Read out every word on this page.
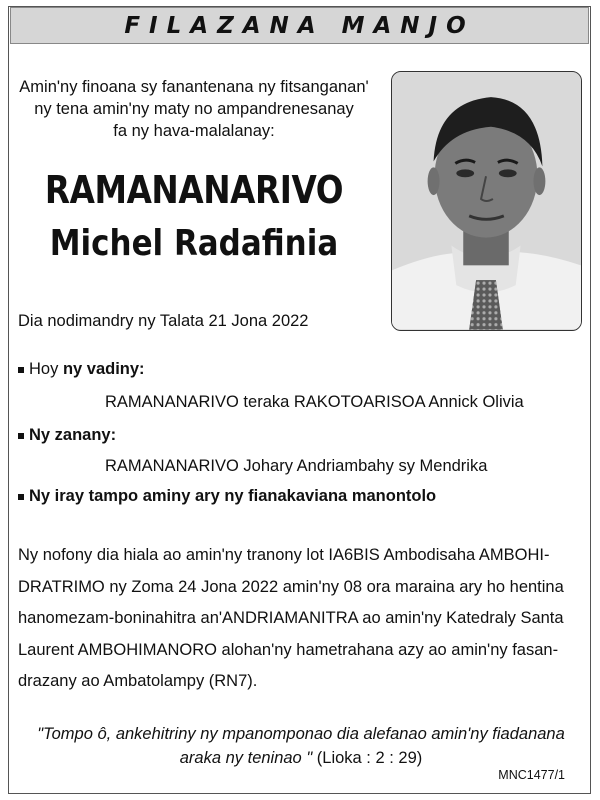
FILAZANA MANJO
Amin'ny finoana sy fanantenana ny fitsanganan'
ny tena amin'ny maty no ampandrenesanay
fa ny hava-malalanay:
RAMANANARIVO
Michel Radafinia
Dia nodimandry ny Talata 21 Jona 2022
Hoy ny vadiny:
RAMANANARIVO teraka RAKOTOARISOA Annick Olivia
Ny zanany:
RAMANANARIVO Johary Andriambahy sy Mendrika
Ny iray tampo aminy ary ny fianakaviana manontolo
Ny nofony dia hiala ao amin'ny tranony lot IA6BIS Ambodisaha AMBOHI-
DRATRIMO ny Zoma 24 Jona 2022 amin'ny 08 ora maraina ary ho hentina
hanomezam-boninahitra an'ANDRIAMANITRA ao amin'ny Katedraly Santa
Laurent AMBOHIMANORO alohan'ny hametrahana azy ao amin'ny fasan-
drazany ao Ambatolampy (RN7).
"Tompo ô, ankehitriny ny mpanomponao dia alefanao amin'ny fiadanana
araka ny teninao " (Lioka : 2 : 29)
MNC1477/1
